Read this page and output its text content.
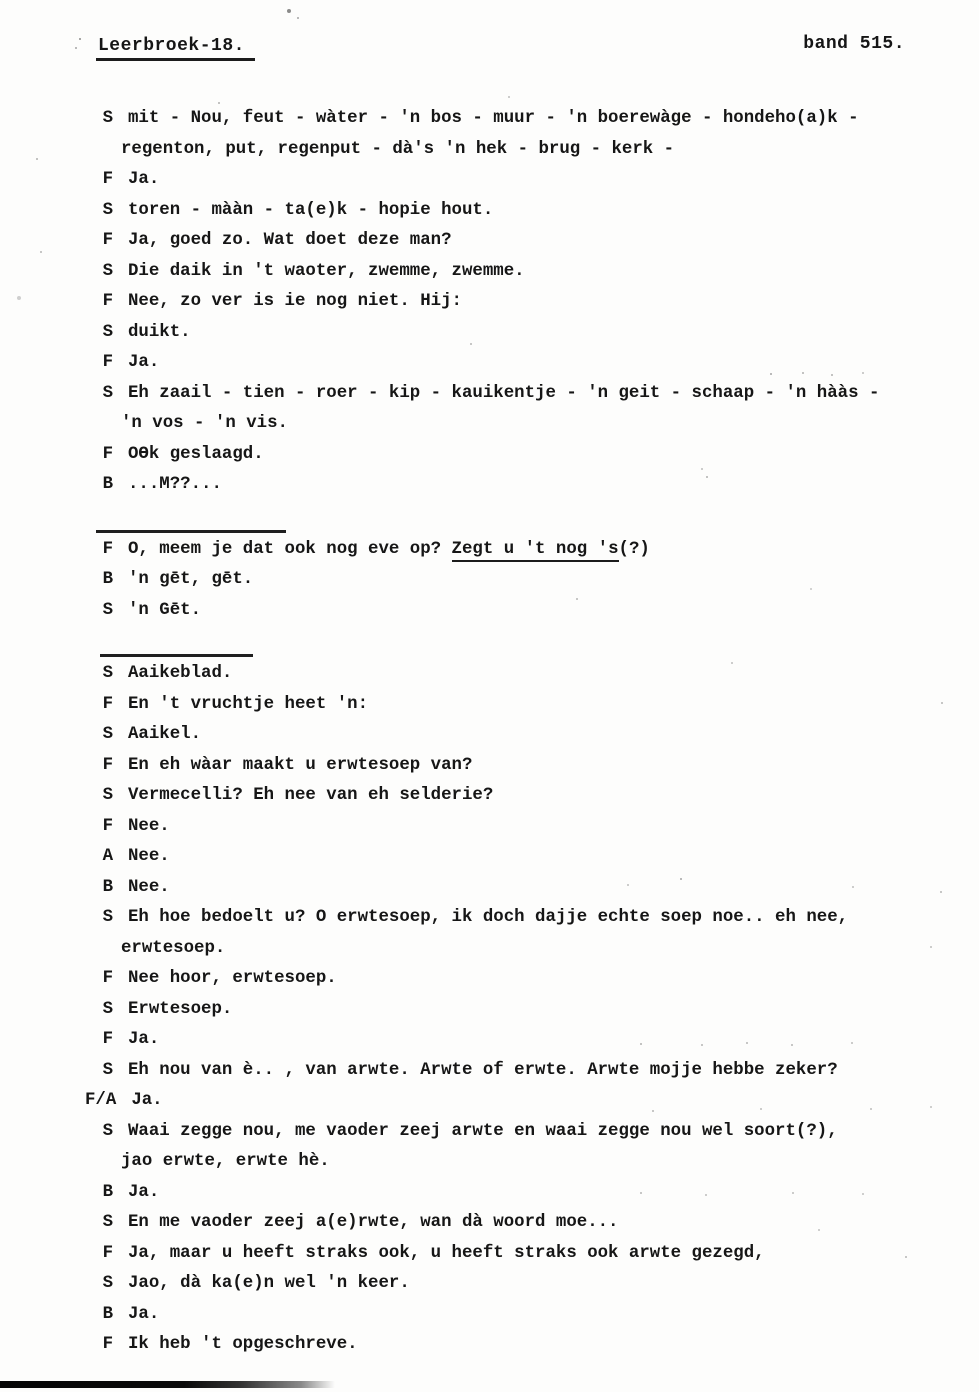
Leerbroek-18.	band 515.
S mit - Nou, feut - wàter - 'n bos - muur - 'n boerewàge - hondeho(a)k -
regenton, put, regenput - dà's 'n hek - brug - kerk -
F Ja.
S toren - mààn - ta(e)k - hopie hout.
F Ja, goed zo. Wat doet deze man?
S Die daik in 't waoter, zwemme, zwemme.
F Nee, zo ver is ie nog niet. Hij:
S duikt.
F Ja.
S Eh zaail - tien - roer - kip - kauikentje - 'n geit - schaap - 'n hààs -
'n vos - 'n vis.
F OƟk geslaagd.
B ...M??...
F O, meem je dat ook nog eve op? Zegt u 't nog 's(?)
B 'n gēt, gēt.
S 'n Gēt.
S Aaikeblad.
F En 't vruchtje heet 'n:
S Aaikel.
F En eh wàar maakt u erwtesoep van?
S Vermecelli? Eh nee van eh selderie?
F Nee.
A Nee.
B Nee.
S Eh hoe bedoelt u? O erwtesoep, ik doch dajje echte soep noe.. eh nee,
erwtesoep.
F Nee hoor, erwtesoep.
S Erwtesoep.
F Ja.
S Eh nou van è.. , van arwte. Arwte of erwte. Arwte mojje hebbe zeker?
F/A Ja.
S Waai zegge nou, me vaoder zeej arwte en waai zegge nou wel soort(?),
jao erwte, erwte hè.
B Ja.
S En me vaoder zeej a(e)rwte, wan dà woord moe...
F Ja, maar u heeft straks ook, u heeft straks ook arwte gezegd,
S Jao, dà ka(e)n wel 'n keer.
B Ja.
F Ik heb 't opgeschreve.
